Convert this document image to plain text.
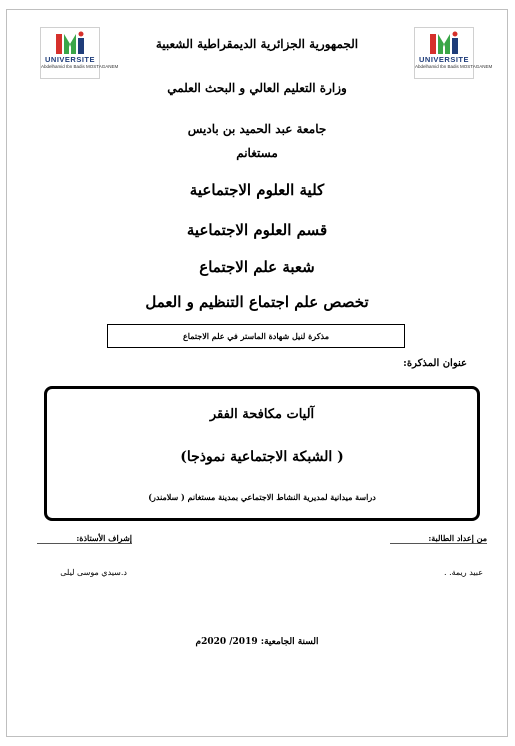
UNIVERSITE
Abdelhamid Ibn Badis MOSTAGANEM
UNIVERSITE
Abdelhamid Ibn Badis MOSTAGANEM
الجمهورية الجزائرية الديمقراطية الشعبية
وزارة التعليم العالي و البحث العلمي
جامعة عبد الحميد بن باديس
مستغانم
كلية العلوم الاجتماعية
قسم العلوم الاجتماعية
شعبة علم الاجتماع
تخصص علم اجتماع التنظيم و العمل
مذكرة لنيل شهادة الماستر في علم الاجتماع
عنوان المذكرة:
آليات مكافحة الفقر
( الشبكة الاجتماعية نموذجا)
دراسة ميدانية لمديرية النشاط الاجتماعي بمدينة مستغانم ( سلامندر)
من إعداد الطالبة:
إشراف الأستاذة:
عبيد ريمة. .
د.سيدي موسى ليلى
السنة الجامعية: 2019/ 2020م
